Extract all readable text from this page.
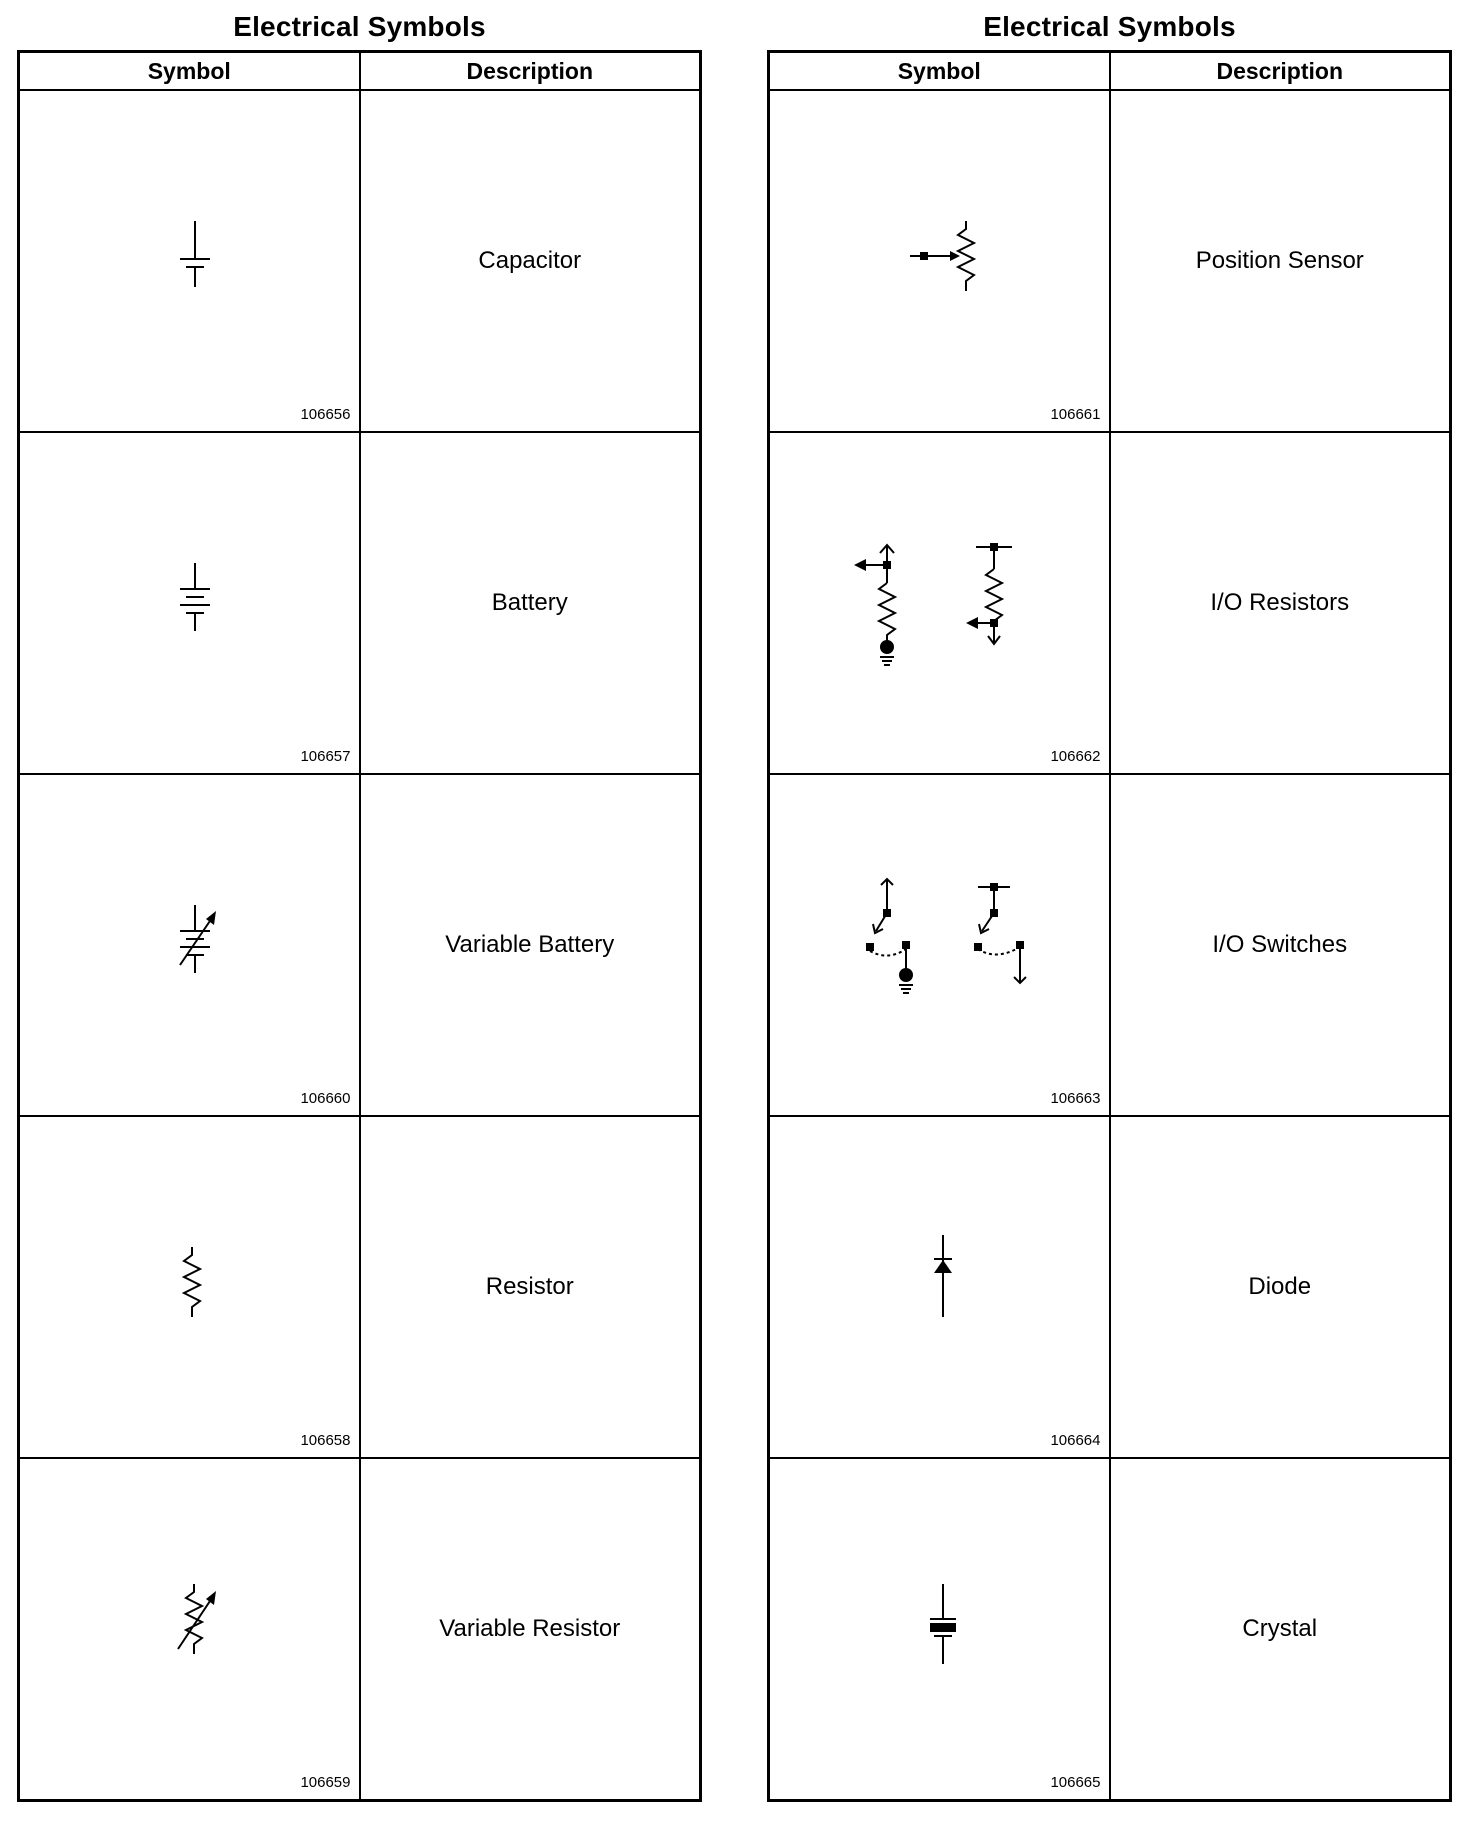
Electrical Symbols
Symbol	Description

106656	Capacitor

106657	Battery

106660	Variable Battery

106658	Resistor

106659	Variable Resistor
Electrical Symbols
Symbol	Description

106661	Position Sensor

106662	I/O Resistors

106663	I/O Switches

106664	Diode

106665	Crystal
